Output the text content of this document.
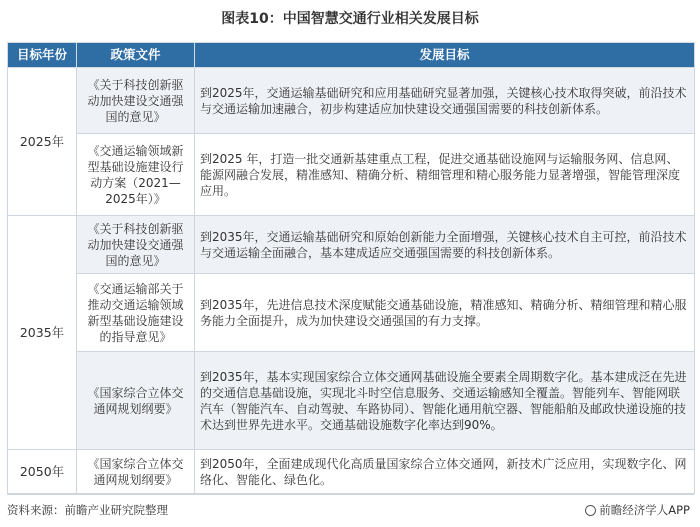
图表10：中国智慧交通行业相关发展目标
目标年份	政策文件	发展目标
2025年	《关于科技创新驱动加快建设交通强国的意见》	到2025年，交通运输基础研究和应用基础研究显著加强，关键核心技术取得突破，前沿技术与交通运输加速融合，初步构建适应加快建设交通强国需要的科技创新体系。
	《交通运输领域新型基础设施建设行动方案（2021—2025年）》	到2025 年，打造一批交通新基建重点工程，促进交通基础设施网与运输服务网、信息网、能源网融合发展，精准感知、精确分析、精细管理和精心服务能力显著增强，智能管理深度应用。
2035年	《关于科技创新驱动加快建设交通强国的意见》	到2035年，交通运输基础研究和原始创新能力全面增强，关键核心技术自主可控，前沿技术与交通运输全面融合，基本建成适应交通强国需要的科技创新体系。
	《交通运输部关于推动交通运输领域新型基础设施建设的指导意见》	到2035年，先进信息技术深度赋能交通基础设施，精准感知、精确分析、精细管理和精心服务能力全面提升，成为加快建设交通强国的有力支撑。
	《国家综合立体交通网规划纲要》	到2035年，基本实现国家综合立体交通网基础设施全要素全周期数字化。基本建成泛在先进的交通信息基础设施，实现北斗时空信息服务、交通运输感知全覆盖。智能列车、智能网联汽车（智能汽车、自动驾驶、车路协同）、智能化通用航空器、智能船舶及邮政快递设施的技术达到世界先进水平。交通基础设施数字化率达到90%。
2050年	《国家综合立体交通网规划纲要》	到2050年，全面建成现代化高质量国家综合立体交通网，新技术广泛应用，实现数字化、网络化、智能化、绿色化。
资料来源：前瞻产业研究院整理	前瞻经济学人APP
